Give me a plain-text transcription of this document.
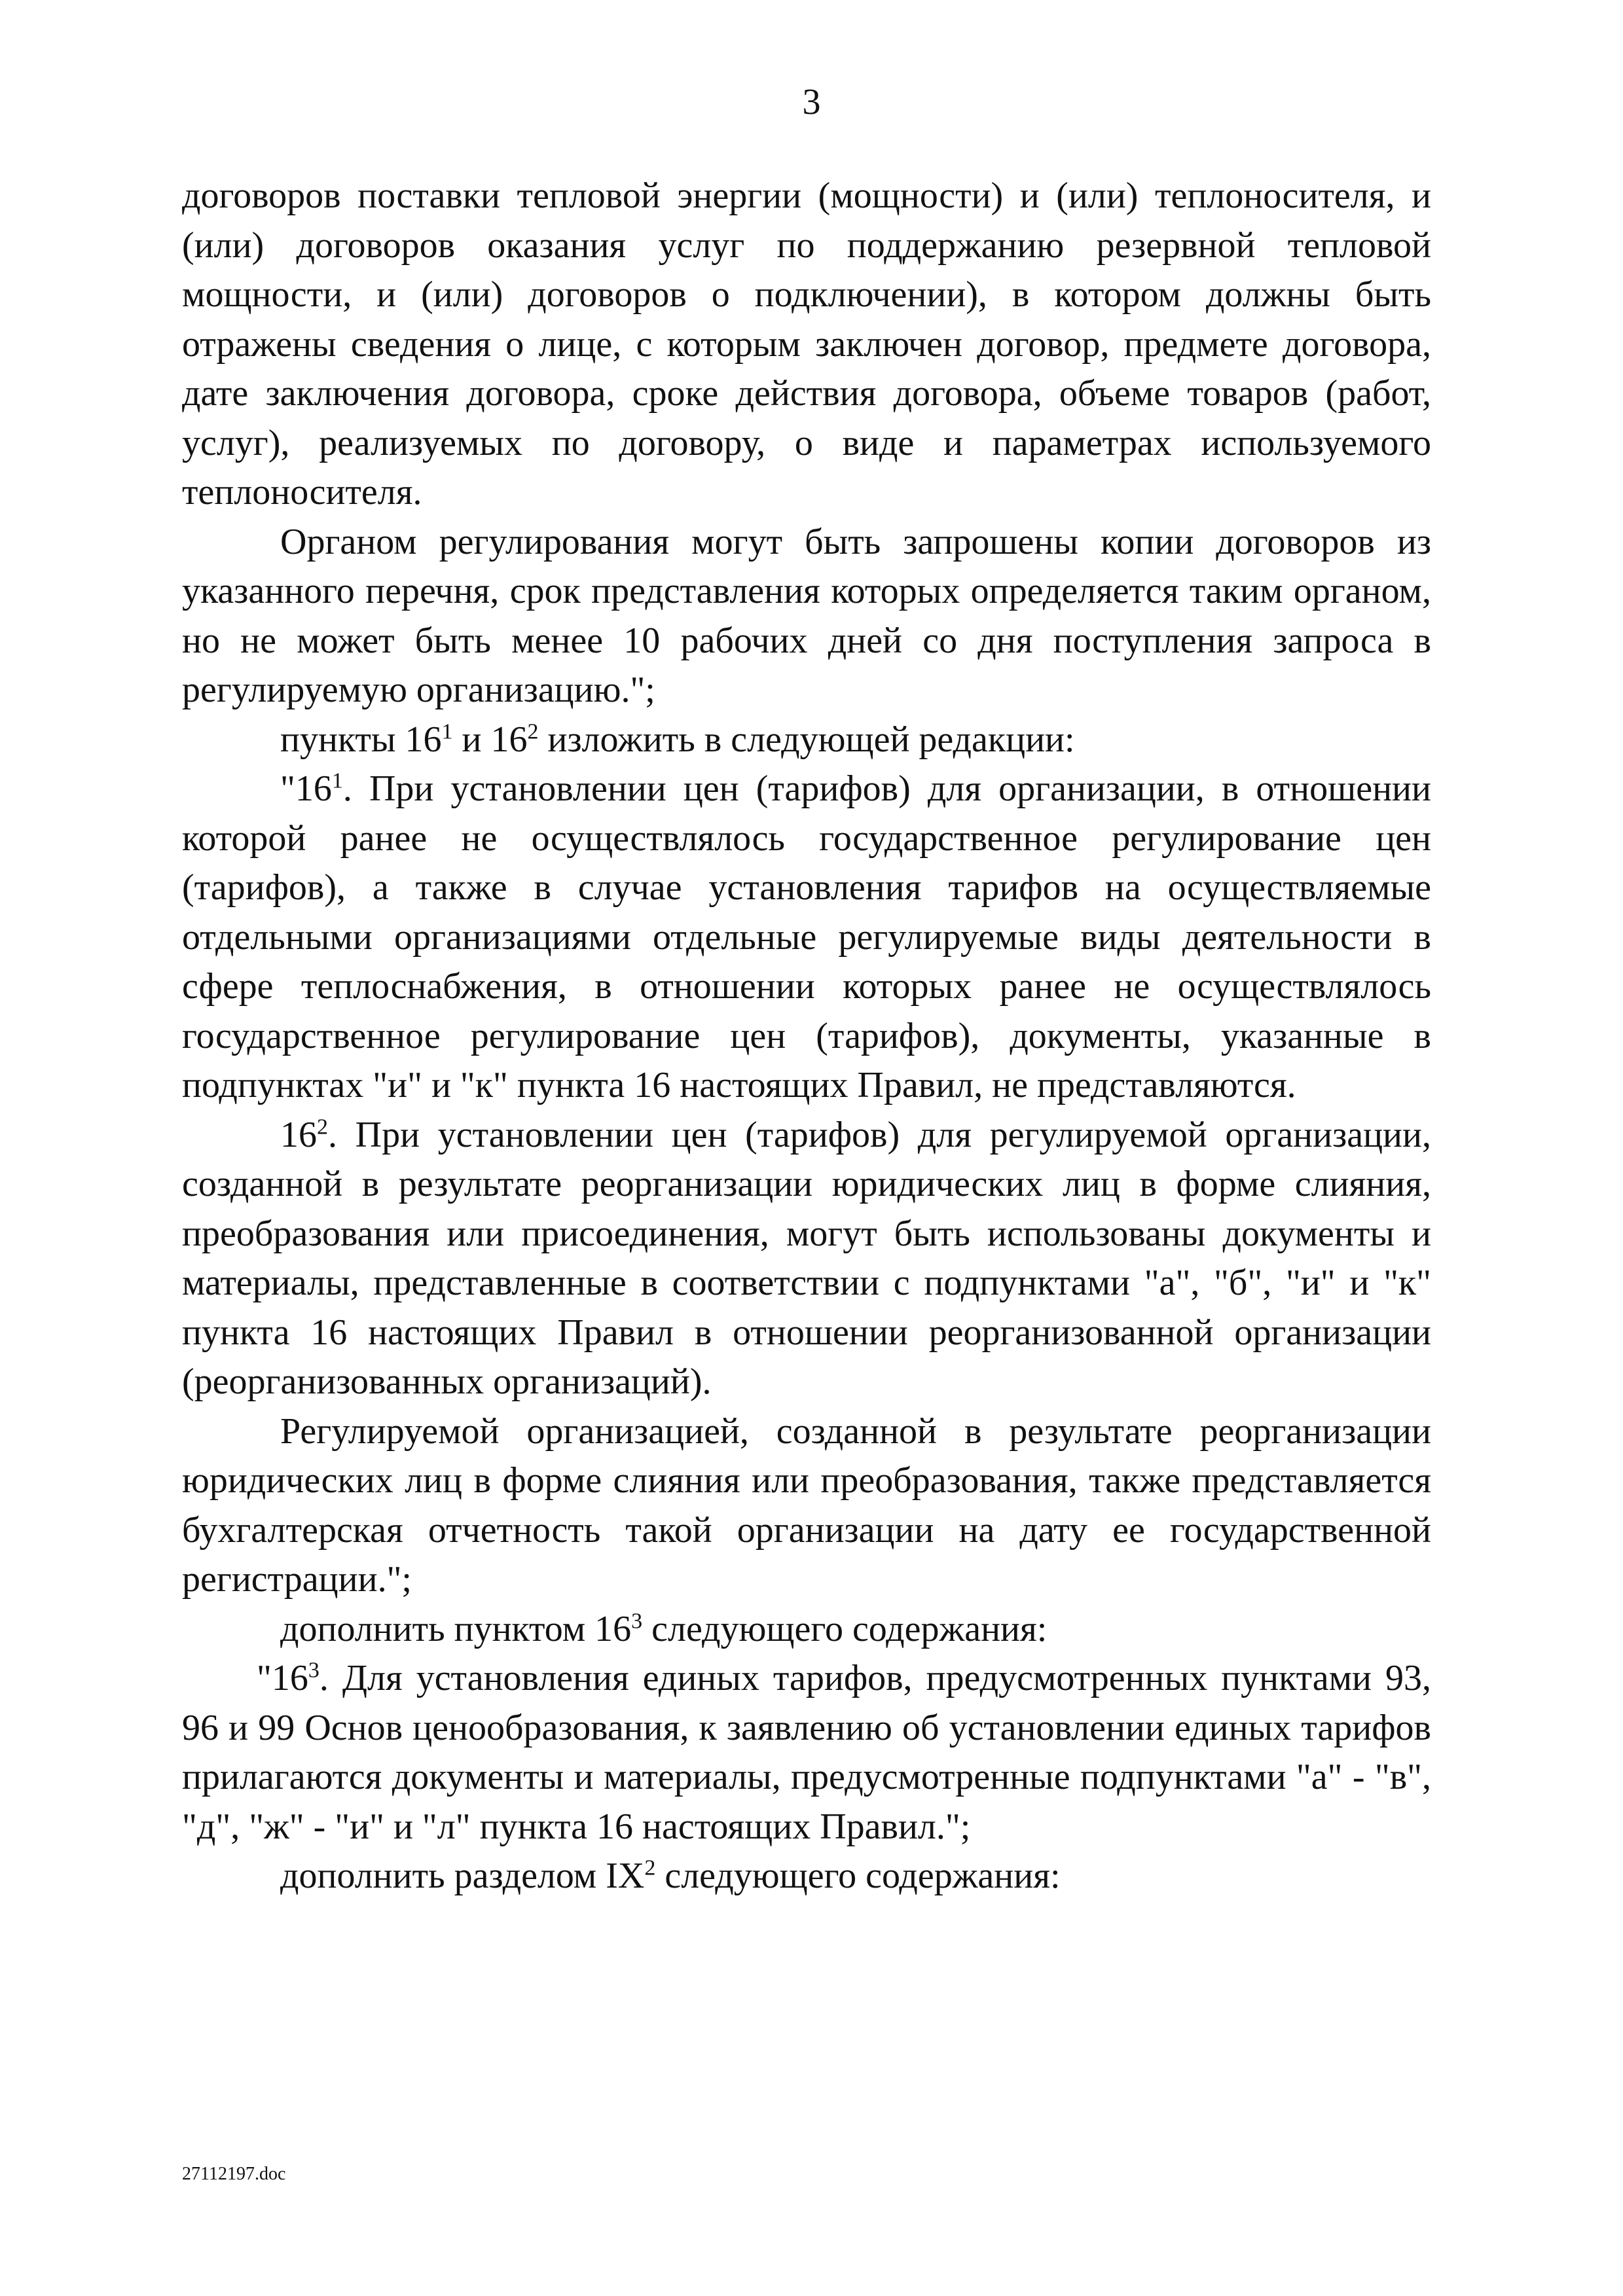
3

договоров поставки тепловой энергии (мощности) и (или) теплоносителя, и (или) договоров оказания услуг по поддержанию резервной тепловой мощности, и (или) договоров о подключении), в котором должны быть отражены сведения о лице, с которым заключен договор, предмете договора, дате заключения договора, сроке действия договора, объеме товаров (работ, услуг), реализуемых по договору, о виде и параметрах используемого теплоносителя.

Органом регулирования могут быть запрошены копии договоров из указанного перечня, срок представления которых определяется таким органом, но не может быть менее 10 рабочих дней со дня поступления запроса в регулируемую организацию.";

пункты $16^1$ и $16^2$ изложить в следующей редакции:

"$16^1$. При установлении цен (тарифов) для организации, в отношении которой ранее не осуществлялось государственное регулирование цен (тарифов), а также в случае установления тарифов на осуществляемые отдельными организациями отдельные регулируемые виды деятельности в сфере теплоснабжения, в отношении которых ранее не осуществлялось государственное регулирование цен (тарифов), документы, указанные в подпунктах "и" и "к" пункта 16 настоящих Правил, не представляются.

$16^2$. При установлении цен (тарифов) для регулируемой организации, созданной в результате реорганизации юридических лиц в форме слияния, преобразования или присоединения, могут быть использованы документы и материалы, представленные в соответствии с подпунктами "а", "б", "и" и "к" пункта 16 настоящих Правил в отношении реорганизованной организации (реорганизованных организаций).

Регулируемой организацией, созданной в результате реорганизации юридических лиц в форме слияния или преобразования, также представляется бухгалтерская отчетность такой организации на дату ее государственной регистрации.";

дополнить пунктом $16^3$ следующего содержания:

"$16^3$. Для установления единых тарифов, предусмотренных пунктами 93, 96 и 99 Основ ценообразования, к заявлению об установлении единых тарифов прилагаются документы и материалы, предусмотренные подпунктами "а" - "в", "д", "ж" - "и" и "л" пункта 16 настоящих Правил.";

дополнить разделом $IX^2$ следующего содержания:

27112197.doc
